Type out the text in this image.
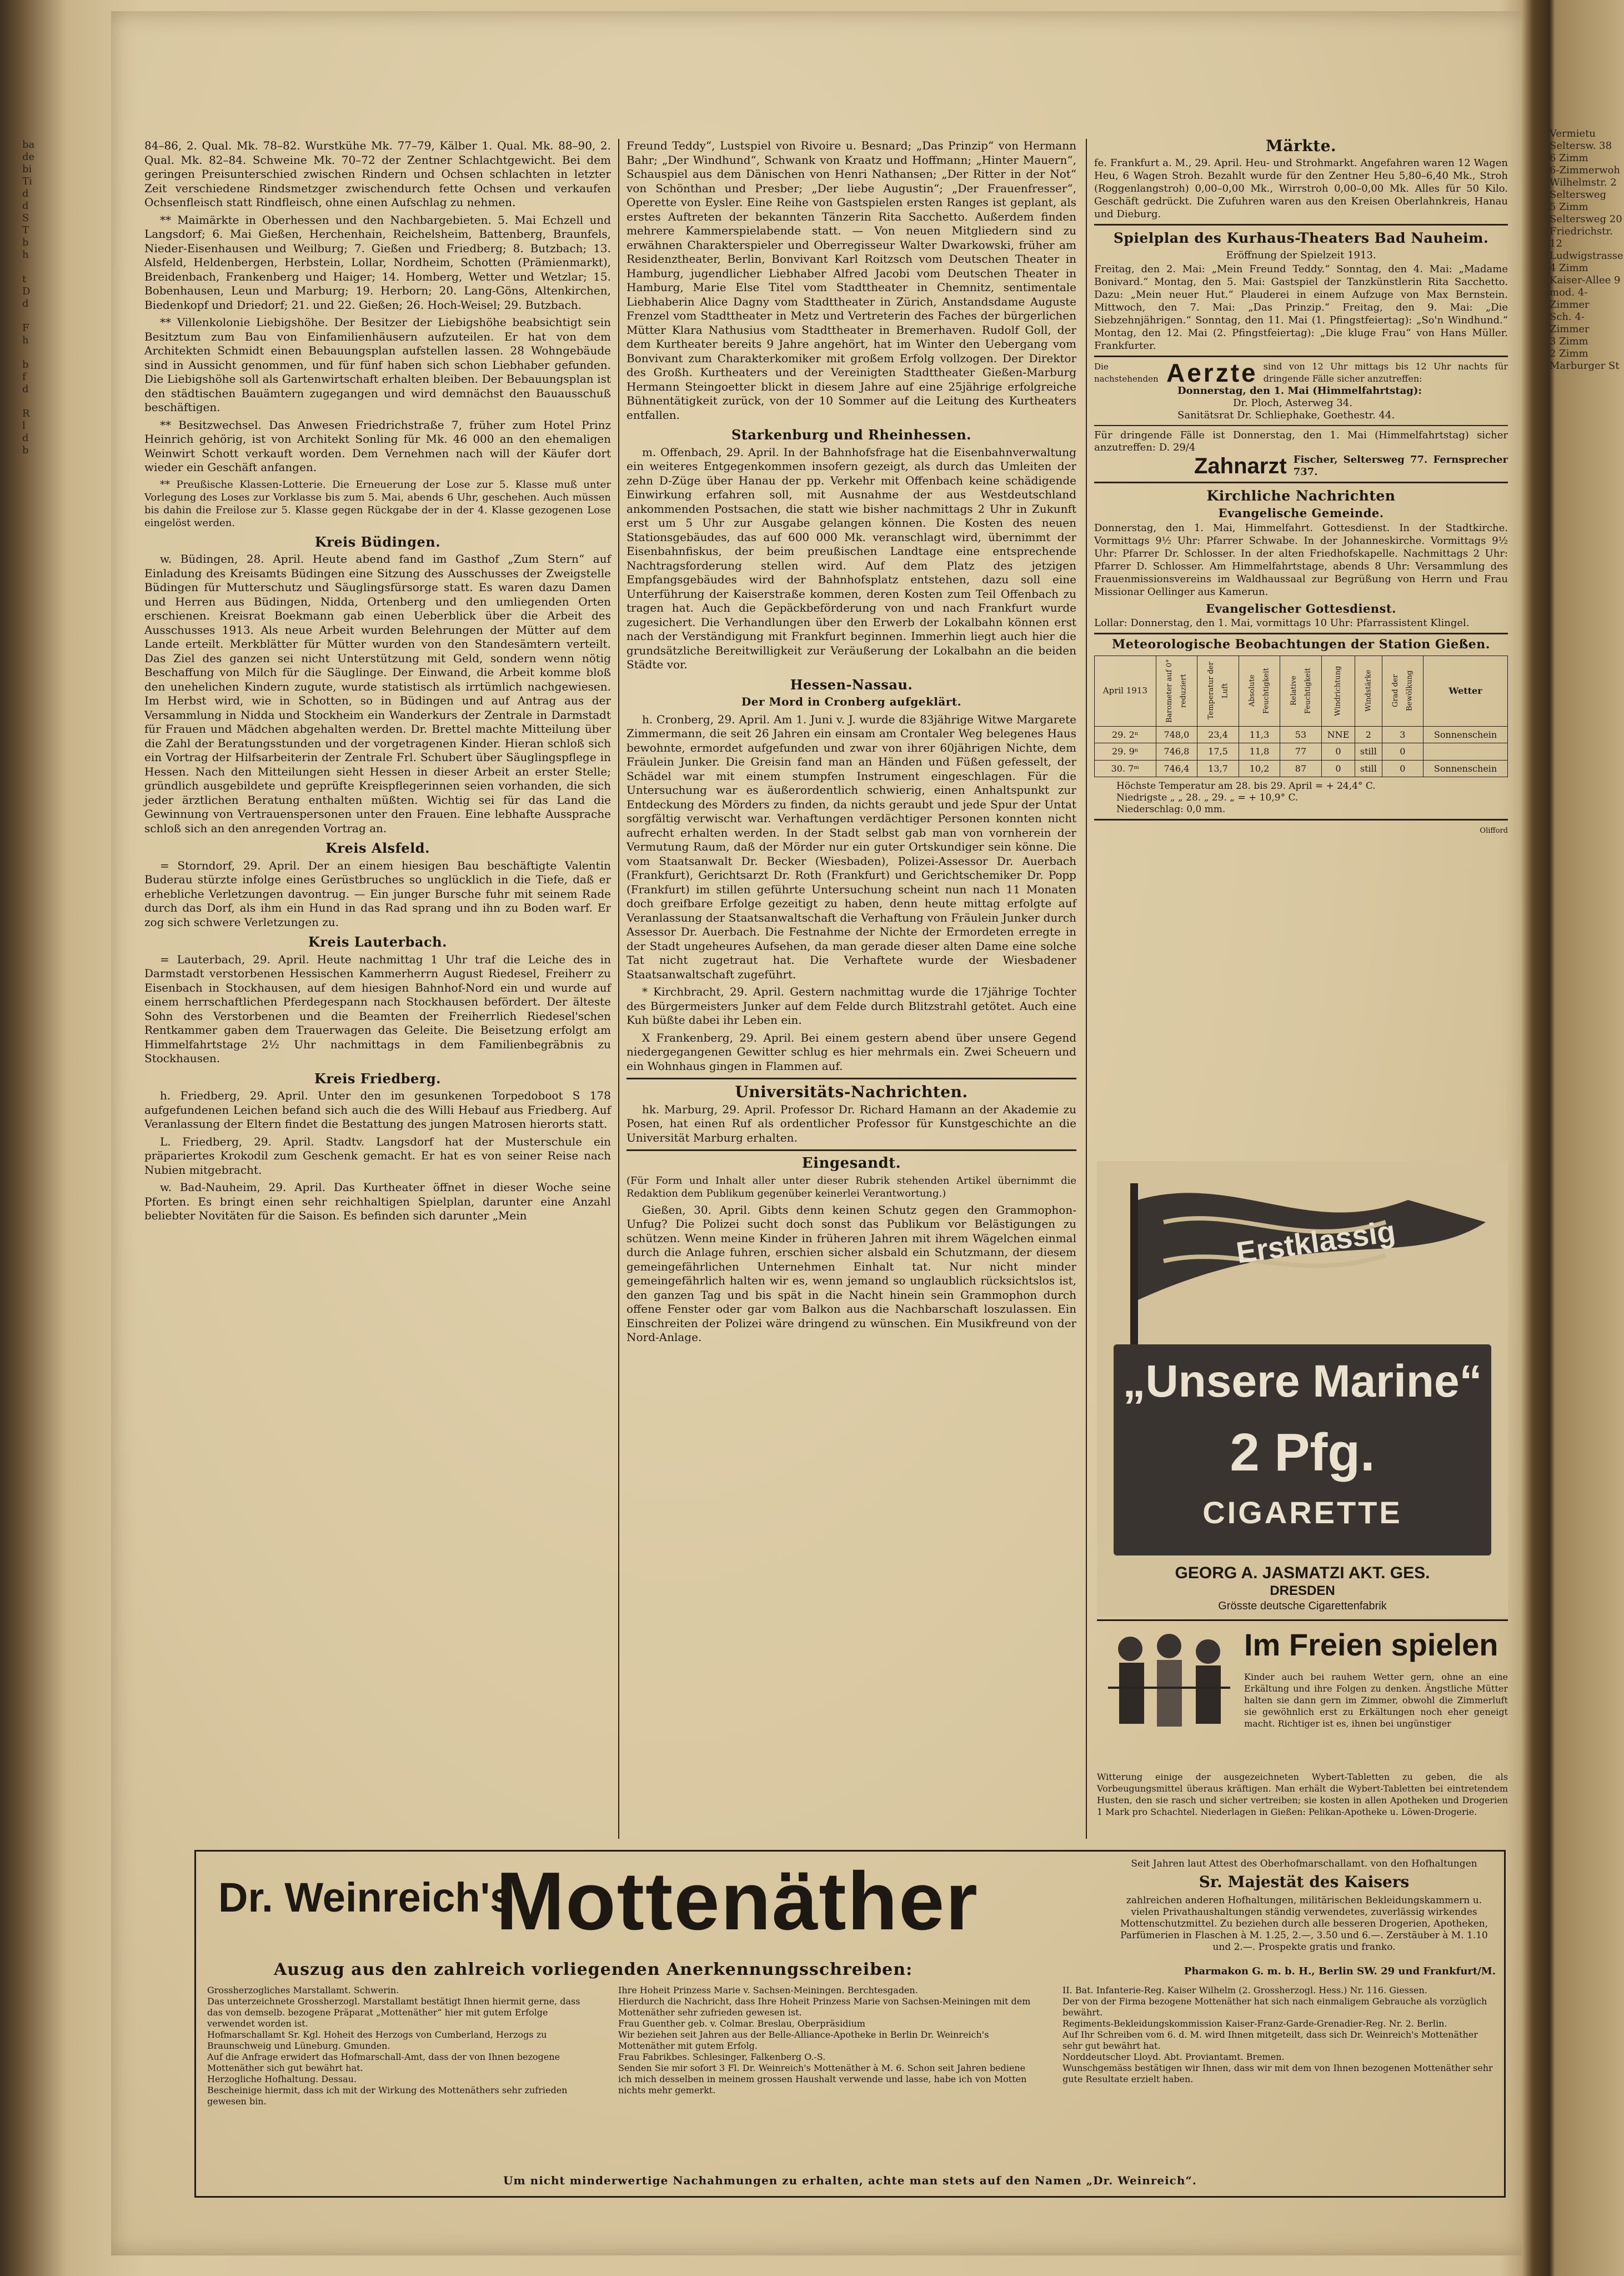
ba
de
bi
Ti
d
d
S
T
b
h

t
D
d

F
h

b
f
d

R
l
d
b

84–86, 2. Qual. Mk. 78–82. Wurstkühe Mk. 77–79, Kälber 1. Qual. Mk. 88–90, 2. Qual. Mk. 82–84. Schweine Mk. 70–72 der Zentner Schlachtgewicht. Bei dem geringen Preisunterschied zwischen Rindern und Ochsen schlachten in letzter Zeit verschiedene Rindsmetzger zwischendurch fette Ochsen und verkaufen Ochsenfleisch statt Rindfleisch, ohne einen Aufschlag zu nehmen.

** Maimärkte in Oberhessen und den Nachbargebieten. 5. Mai Echzell und Langsdorf; 6. Mai Gießen, Herchenhain, Reichelsheim, Battenberg, Braunfels, Nieder-Eisenhausen und Weilburg; 7. Gießen und Friedberg; 8. Butzbach; 13. Alsfeld, Heldenbergen, Herbstein, Lollar, Nordheim, Schotten (Prämienmarkt), Breidenbach, Frankenberg und Haiger; 14. Homberg, Wetter und Wetzlar; 15. Bobenhausen, Leun und Marburg; 19. Herborn; 20. Lang-Göns, Altenkirchen, Biedenkopf und Driedorf; 21. und 22. Gießen; 26. Hoch-Weisel; 29. Butzbach.

** Villenkolonie Liebigshöhe. Der Besitzer der Liebigshöhe beabsichtigt sein Besitztum zum Bau von Einfamilienhäusern aufzuteilen. Er hat von dem Architekten Schmidt einen Bebauungsplan aufstellen lassen. 28 Wohngebäude sind in Aussicht genommen, und für fünf haben sich schon Liebhaber gefunden. Die Liebigshöhe soll als Gartenwirtschaft erhalten bleiben. Der Bebauungsplan ist den städtischen Bauämtern zugegangen und wird demnächst den Bauausschuß beschäftigen.

** Besitzwechsel. Das Anwesen Friedrichstraße 7, früher zum Hotel Prinz Heinrich gehörig, ist von Architekt Sonling für Mk. 46 000 an den ehemaligen Weinwirt Schott verkauft worden. Dem Vernehmen nach will der Käufer dort wieder ein Geschäft anfangen.

** Preußische Klassen-Lotterie. Die Erneuerung der Lose zur 5. Klasse muß unter Vorlegung des Loses zur Vorklasse bis zum 5. Mai, abends 6 Uhr, geschehen. Auch müssen bis dahin die Freilose zur 5. Klasse gegen Rückgabe der in der 4. Klasse gezogenen Lose eingelöst werden.

Kreis Büdingen.

w. Büdingen, 28. April. Heute abend fand im Gasthof „Zum Stern“ auf Einladung des Kreisamts Büdingen eine Sitzung des Ausschusses der Zweigstelle Büdingen für Mutterschutz und Säuglingsfürsorge statt. Es waren dazu Damen und Herren aus Büdingen, Nidda, Ortenberg und den umliegenden Orten erschienen. Kreisrat Boekmann gab einen Ueberblick über die Arbeit des Ausschusses 1913. Als neue Arbeit wurden Belehrungen der Mütter auf dem Lande erteilt. Merkblätter für Mütter wurden von den Standesämtern verteilt. Das Ziel des ganzen sei nicht Unterstützung mit Geld, sondern wenn nötig Beschaffung von Milch für die Säuglinge. Der Einwand, die Arbeit komme bloß den unehelichen Kindern zugute, wurde statistisch als irrtümlich nachgewiesen. Im Herbst wird, wie in Schotten, so in Büdingen und auf Antrag aus der Versammlung in Nidda und Stockheim ein Wanderkurs der Zentrale in Darmstadt für Frauen und Mädchen abgehalten werden. Dr. Brettel machte Mitteilung über die Zahl der Beratungsstunden und der vorgetragenen Kinder. Hieran schloß sich ein Vortrag der Hilfsarbeiterin der Zentrale Frl. Schubert über Säuglingspflege in Hessen. Nach den Mitteilungen sieht Hessen in dieser Arbeit an erster Stelle; gründlich ausgebildete und geprüfte Kreispflegerinnen seien vorhanden, die sich jeder ärztlichen Beratung enthalten müßten. Wichtig sei für das Land die Gewinnung von Vertrauenspersonen unter den Frauen. Eine lebhafte Aussprache schloß sich an den anregenden Vortrag an.

Kreis Alsfeld.

= Storndorf, 29. April. Der an einem hiesigen Bau beschäftigte Valentin Buderau stürzte infolge eines Gerüstbruches so unglücklich in die Tiefe, daß er erhebliche Verletzungen davontrug. — Ein junger Bursche fuhr mit seinem Rade durch das Dorf, als ihm ein Hund in das Rad sprang und ihn zu Boden warf. Er zog sich schwere Verletzungen zu.

Kreis Lauterbach.

= Lauterbach, 29. April. Heute nachmittag 1 Uhr traf die Leiche des in Darmstadt verstorbenen Hessischen Kammerherrn August Riedesel, Freiherr zu Eisenbach in Stockhausen, auf dem hiesigen Bahnhof-Nord ein und wurde auf einem herrschaftlichen Pferdegespann nach Stockhausen befördert. Der älteste Sohn des Verstorbenen und die Beamten der Freiherrlich Riedesel'schen Rentkammer gaben dem Trauerwagen das Geleite. Die Beisetzung erfolgt am Himmelfahrtstage 2½ Uhr nachmittags in dem Familienbegräbnis zu Stockhausen.

Kreis Friedberg.

h. Friedberg, 29. April. Unter den im gesunkenen Torpedoboot S 178 aufgefundenen Leichen befand sich auch die des Willi Hebauf aus Friedberg. Auf Veranlassung der Eltern findet die Bestattung des jungen Matrosen hierorts statt.

L. Friedberg, 29. April. Stadtv. Langsdorf hat der Musterschule ein präpariertes Krokodil zum Geschenk gemacht. Er hat es von seiner Reise nach Nubien mitgebracht.

w. Bad-Nauheim, 29. April. Das Kurtheater öffnet in dieser Woche seine Pforten. Es bringt einen sehr reichhaltigen Spielplan, darunter eine Anzahl beliebter Novitäten für die Saison. Es befinden sich darunter „Mein

Freund Teddy“, Lustspiel von Rivoire u. Besnard; „Das Prinzip“ von Hermann Bahr; „Der Windhund“, Schwank von Kraatz und Hoffmann; „Hinter Mauern“, Schauspiel aus dem Dänischen von Henri Nathansen; „Der Ritter in der Not“ von Schönthan und Presber; „Der liebe Augustin“; „Der Frauenfresser“, Operette von Eysler. Eine Reihe von Gastspielen ersten Ranges ist geplant, als erstes Auftreten der bekannten Tänzerin Rita Sacchetto. Außerdem finden mehrere Kammerspielabende statt. — Von neuen Mitgliedern sind zu erwähnen Charakterspieler und Oberregisseur Walter Dwarkowski, früher am Residenztheater, Berlin, Bonvivant Karl Roitzsch vom Deutschen Theater in Hamburg, jugendlicher Liebhaber Alfred Jacobi vom Deutschen Theater in Hamburg, Marie Else Titel vom Stadttheater in Chemnitz, sentimentale Liebhaberin Alice Dagny vom Stadttheater in Zürich, Anstandsdame Auguste Frenzel vom Stadttheater in Metz und Vertreterin des Faches der bürgerlichen Mütter Klara Nathusius vom Stadttheater in Bremerhaven. Rudolf Goll, der dem Kurtheater bereits 9 Jahre angehört, hat im Winter den Uebergang vom Bonvivant zum Charakterkomiker mit großem Erfolg vollzogen. Der Direktor des Großh. Kurtheaters und der Vereinigten Stadttheater Gießen-Marburg Hermann Steingoetter blickt in diesem Jahre auf eine 25jährige erfolgreiche Bühnentätigkeit zurück, von der 10 Sommer auf die Leitung des Kurtheaters entfallen.

Starkenburg und Rheinhessen.

m. Offenbach, 29. April. In der Bahnhofsfrage hat die Eisenbahnverwaltung ein weiteres Entgegenkommen insofern gezeigt, als durch das Umleiten der zehn D-Züge über Hanau der pp. Verkehr mit Offenbach keine schädigende Einwirkung erfahren soll, mit Ausnahme der aus Westdeutschland ankommenden Postsachen, die statt wie bisher nachmittags 2 Uhr in Zukunft erst um 5 Uhr zur Ausgabe gelangen können. Die Kosten des neuen Stationsgebäudes, das auf 600 000 Mk. veranschlagt wird, übernimmt der Eisenbahnfiskus, der beim preußischen Landtage eine entsprechende Nachtragsforderung stellen wird. Auf dem Platz des jetzigen Empfangsgebäudes wird der Bahnhofsplatz entstehen, dazu soll eine Unterführung der Kaiserstraße kommen, deren Kosten zum Teil Offenbach zu tragen hat. Auch die Gepäckbeförderung von und nach Frankfurt wurde zugesichert. Die Verhandlungen über den Erwerb der Lokalbahn können erst nach der Verständigung mit Frankfurt beginnen. Immerhin liegt auch hier die grundsätzliche Bereitwilligkeit zur Veräußerung der Lokalbahn an die beiden Städte vor.

Hessen-Nassau.
Der Mord in Cronberg aufgeklärt.

h. Cronberg, 29. April. Am 1. Juni v. J. wurde die 83jährige Witwe Margarete Zimmermann, die seit 26 Jahren ein einsam am Crontaler Weg belegenes Haus bewohnte, ermordet aufgefunden und zwar von ihrer 60jährigen Nichte, dem Fräulein Junker. Die Greisin fand man an Händen und Füßen gefesselt, der Schädel war mit einem stumpfen Instrument eingeschlagen. Für die Untersuchung war es äußerordentlich schwierig, einen Anhaltspunkt zur Entdeckung des Mörders zu finden, da nichts geraubt und jede Spur der Untat sorgfältig verwischt war. Verhaftungen verdächtiger Personen konnten nicht aufrecht erhalten werden. In der Stadt selbst gab man von vornherein der Vermutung Raum, daß der Mörder nur ein guter Ortskundiger sein könne. Die vom Staatsanwalt Dr. Becker (Wiesbaden), Polizei-Assessor Dr. Auerbach (Frankfurt), Gerichtsarzt Dr. Roth (Frankfurt) und Gerichtschemiker Dr. Popp (Frankfurt) im stillen geführte Untersuchung scheint nun nach 11 Monaten doch greifbare Erfolge gezeitigt zu haben, denn heute mittag erfolgte auf Veranlassung der Staatsanwaltschaft die Verhaftung von Fräulein Junker durch Assessor Dr. Auerbach. Die Festnahme der Nichte der Ermordeten erregte in der Stadt ungeheures Aufsehen, da man gerade dieser alten Dame eine solche Tat nicht zugetraut hat. Die Verhaftete wurde der Wiesbadener Staatsanwaltschaft zugeführt.

* Kirchbracht, 29. April. Gestern nachmittag wurde die 17jährige Tochter des Bürgermeisters Junker auf dem Felde durch Blitzstrahl getötet. Auch eine Kuh büßte dabei ihr Leben ein.

X Frankenberg, 29. April. Bei einem gestern abend über unsere Gegend niedergegangenen Gewitter schlug es hier mehrmals ein. Zwei Scheuern und ein Wohnhaus gingen in Flammen auf.

Universitäts-Nachrichten.

hk. Marburg, 29. April. Professor Dr. Richard Hamann an der Akademie zu Posen, hat einen Ruf als ordentlicher Professor für Kunstgeschichte an die Universität Marburg erhalten.

Eingesandt.

(Für Form und Inhalt aller unter dieser Rubrik stehenden Artikel übernimmt die Redaktion dem Publikum gegenüber keinerlei Verantwortung.)

Gießen, 30. April. Gibts denn keinen Schutz gegen den Grammophon-Unfug? Die Polizei sucht doch sonst das Publikum vor Belästigungen zu schützen. Wenn meine Kinder in früheren Jahren mit ihrem Wägelchen einmal durch die Anlage fuhren, erschien sicher alsbald ein Schutzmann, der diesem gemeingefährlichen Unternehmen Einhalt tat. Nur nicht minder gemeingefährlich halten wir es, wenn jemand so unglaublich rücksichtslos ist, den ganzen Tag und bis spät in die Nacht hinein sein Grammophon durch offene Fenster oder gar vom Balkon aus die Nachbarschaft loszulassen. Ein Einschreiten der Polizei wäre dringend zu wünschen. Ein Musikfreund von der Nord-Anlage.

Märkte.

fe. Frankfurt a. M., 29. April. Heu- und Strohmarkt. Angefahren waren 12 Wagen Heu, 6 Wagen Stroh. Bezahlt wurde für den Zentner Heu 5,80–6,40 Mk., Stroh (Roggenlangstroh) 0,00–0,00 Mk., Wirrstroh 0,00–0,00 Mk. Alles für 50 Kilo. Geschäft gedrückt. Die Zufuhren waren aus den Kreisen Oberlahnkreis, Hanau und Dieburg.

Spielplan des Kurhaus-Theaters Bad Nauheim.
Eröffnung der Spielzeit 1913.

Freitag, den 2. Mai: „Mein Freund Teddy.“ Sonntag, den 4. Mai: „Madame Bonivard.“ Montag, den 5. Mai: Gastspiel der Tanzkünstlerin Rita Sacchetto. Dazu: „Mein neuer Hut.“ Plauderei in einem Aufzuge von Max Bernstein. Mittwoch, den 7. Mai: „Das Prinzip.“ Freitag, den 9. Mai: „Die Siebzehnjährigen.“ Sonntag, den 11. Mai (1. Pfingstfeiertag): „So'n Windhund.“ Montag, den 12. Mai (2. Pfingstfeiertag): „Die kluge Frau“ von Hans Müller. Frankfurter.

Die nachstehenden Aerzte sind von 12 Uhr mittags bis 12 Uhr nachts für dringende Fälle sicher anzutreffen:
Donnerstag, den 1. Mai (Himmelfahrtstag):
Dr. Ploch, Asterweg 34.
Sanitätsrat Dr. Schliephake, Goethestr. 44.
Für dringende Fälle ist Donnerstag, den 1. Mai (Himmelfahrtstag) sicher anzutreffen: D. 29/4
Zahnarzt Fischer, Seltersweg 77. Fernsprecher 737.
Kirchliche Nachrichten
Evangelische Gemeinde.

Donnerstag, den 1. Mai, Himmelfahrt. Gottesdienst. In der Stadtkirche. Vormittags 9½ Uhr: Pfarrer Schwabe. In der Johanneskirche. Vormittags 9½ Uhr: Pfarrer Dr. Schlosser. In der alten Friedhofskapelle. Nachmittags 2 Uhr: Pfarrer D. Schlosser. Am Himmelfahrtstage, abends 8 Uhr: Versammlung des Frauenmissionsvereins im Waldhaussaal zur Begrüßung von Herrn und Frau Missionar Oellinger aus Kamerun.

Evangelischer Gottesdienst.

Lollar: Donnerstag, den 1. Mai, vormittags 10 Uhr: Pfarrassistent Klingel.

Meteorologische Beobachtungen der Station Gießen.
April 1913	Barometer auf 0° reduziert	Temperatur der Luft	Absolute Feuchtigkeit	Relative Feuchtigkeit	Windrichtung	Windstärke	Grad der Bewölkung	Wetter
29. 2ⁿ	748,0	23,4	11,3	53	NNE	2	3	Sonnenschein
29. 9ⁿ	746,8	17,5	11,8	77	0	still	0	
30. 7ᵐ	746,4	13,7	10,2	87	0	still	0	Sonnenschein
Höchste Temperatur am 28. bis 29. April = + 24,4° C.
Niedrigste „ „ 28. „ 29. „ = + 10,9° C.
Niederschlag: 0,0 mm.
Olifford
Erstklassig
„Unsere Marine“
2 Pfg.
CIGARETTE
GEORG A. JASMATZI AKT. GES.
DRESDEN
Grösste deutsche Cigarettenfabrik
Im Freien spielen
Kinder auch bei rauhem Wetter gern, ohne an eine Erkältung und ihre Folgen zu denken. Ängstliche Mütter halten sie dann gern im Zimmer, obwohl die Zimmerluft sie gewöhnlich erst zu Erkältungen noch eher geneigt macht. Richtiger ist es, ihnen bei ungünstiger
Witterung einige der ausgezeichneten Wybert-Tabletten zu geben, die als Vorbeugungsmittel überaus kräftigen. Man erhält die Wybert-Tabletten bei eintretendem Husten, den sie rasch und sicher vertreiben; sie kosten in allen Apotheken und Drogerien 1 Mark pro Schachtel. Niederlagen in Gießen: Pelikan-Apotheke u. Löwen-Drogerie.
Dr. Weinreich's
Mottenäther	Seit Jahren laut Attest des Oberhofmarschallamt. von den Hofhaltungen
Sr. Majestät des Kaisers
zahlreichen anderen Hofhaltungen, militärischen Bekleidungskammern u. vielen Privathaushaltungen ständig verwendetes, zuverlässig wirkendes Mottenschutzmittel. Zu beziehen durch alle besseren Drogerien, Apotheken, Parfümerien in Flaschen à M. 1.25, 2.—, 3.50 und 6.—. Zerstäuber à M. 1.10 und 2.—. Prospekte gratis und franko.
Auszug aus den zahlreich vorliegenden Anerkennungsschreiben:
Grossherzogliches Marstallamt. Schwerin.
Das unterzeichnete Grossherzogl. Marstallamt bestätigt Ihnen hiermit gerne, dass das von demselb. bezogene Präparat „Mottenäther“ hier mit gutem Erfolge verwendet worden ist.
Hofmarschallamt Sr. Kgl. Hoheit des Herzogs von Cumberland, Herzogs zu Braunschweig und Lüneburg. Gmunden.
Auf die Anfrage erwidert das Hofmarschall-Amt, dass der von Ihnen bezogene Mottenäther sich gut bewährt hat.
Herzogliche Hofhaltung. Dessau.
Bescheinige hiermit, dass ich mit der Wirkung des Mottenäthers sehr zufrieden gewesen bin.
Ihre Hoheit Prinzess Marie v. Sachsen-Meiningen. Berchtesgaden.
Hierdurch die Nachricht, dass Ihre Hoheit Prinzess Marie von Sachsen-Meiningen mit dem Mottenäther sehr zufrieden gewesen ist.
Frau Guenther geb. v. Colmar. Breslau, Oberpräsidium
Wir beziehen seit Jahren aus der Belle-Alliance-Apotheke in Berlin Dr. Weinreich's Mottenäther mit gutem Erfolg.
Frau Fabrikbes. Schlesinger, Falkenberg O.-S.
Senden Sie mir sofort 3 Fl. Dr. Weinreich's Mottenäther à M. 6. Schon seit Jahren bediene ich mich desselben in meinem grossen Haushalt verwende und lasse, habe ich von Motten nichts mehr gemerkt.
Pharmakon G. m. b. H., Berlin SW. 29 und Frankfurt/M.
II. Bat. Infanterie-Reg. Kaiser Wilhelm (2. Grossherzogl. Hess.) Nr. 116. Giessen.
Der von der Firma bezogene Mottenäther hat sich nach einmaligem Gebrauche als vorzüglich bewährt.
Regiments-Bekleidungskommission Kaiser-Franz-Garde-Grenadier-Reg. Nr. 2. Berlin.
Auf Ihr Schreiben vom 6. d. M. wird Ihnen mitgeteilt, dass sich Dr. Weinreich's Mottenäther sehr gut bewährt hat.
Norddeutscher Lloyd. Abt. Proviantamt. Bremen.
Wunschgemäss bestätigen wir Ihnen, dass wir mit dem von Ihnen bezogenen Mottenäther sehr gute Resultate erzielt haben.
Um nicht minderwertige Nachahmungen zu erhalten, achte man stets auf den Namen „Dr. Weinreich“.
Vermietu
Seltersw. 38
6 Zimm
6-Zimmerwoh
Wilhelmstr. 2
Seltersweg
5 Zimm
Seltersweg 20
Friedrichstr. 12
Ludwigstrasse
4 Zimm
Kaiser-Allee 9
mod. 4-Zimmer
Sch. 4-Zimmer
3 Zimm
2 Zimm
Marburger St
